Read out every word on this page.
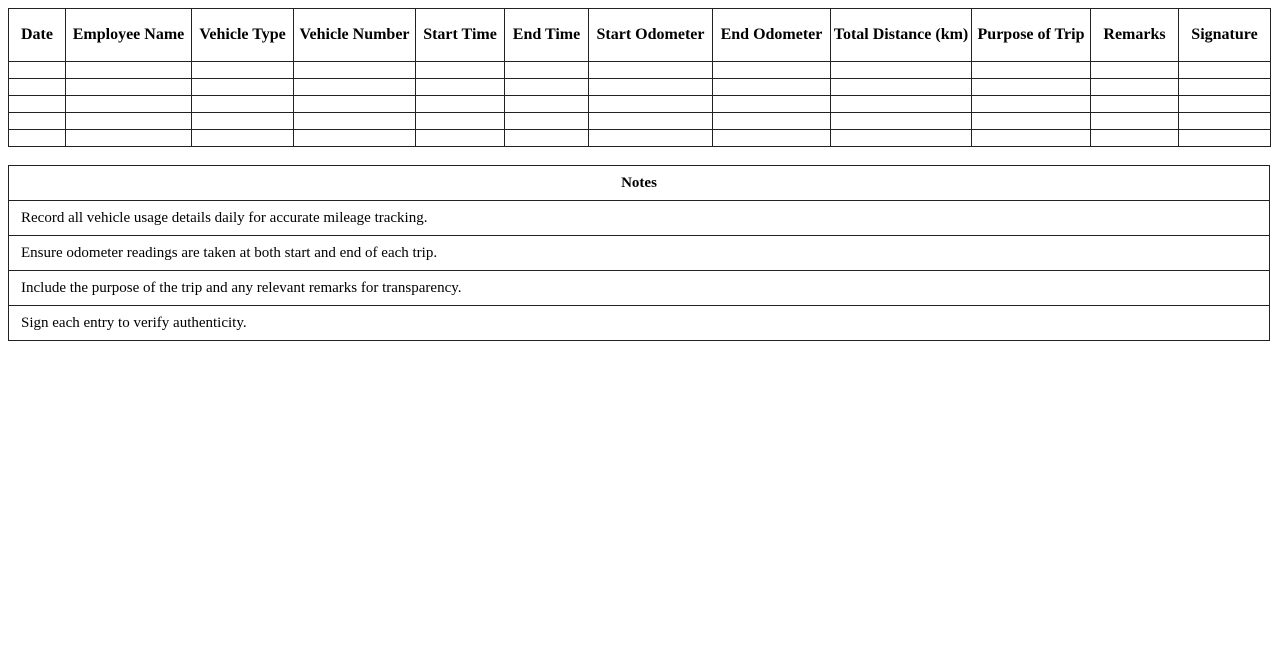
Date	Employee Name	Vehicle Type	Vehicle Number	Start Time	End Time	Start Odometer	End Odometer	Total Distance (km)	Purpose of Trip	Remarks	Signature

Notes
Record all vehicle usage details daily for accurate mileage tracking.
Ensure odometer readings are taken at both start and end of each trip.
Include the purpose of the trip and any relevant remarks for transparency.
Sign each entry to verify authenticity.
